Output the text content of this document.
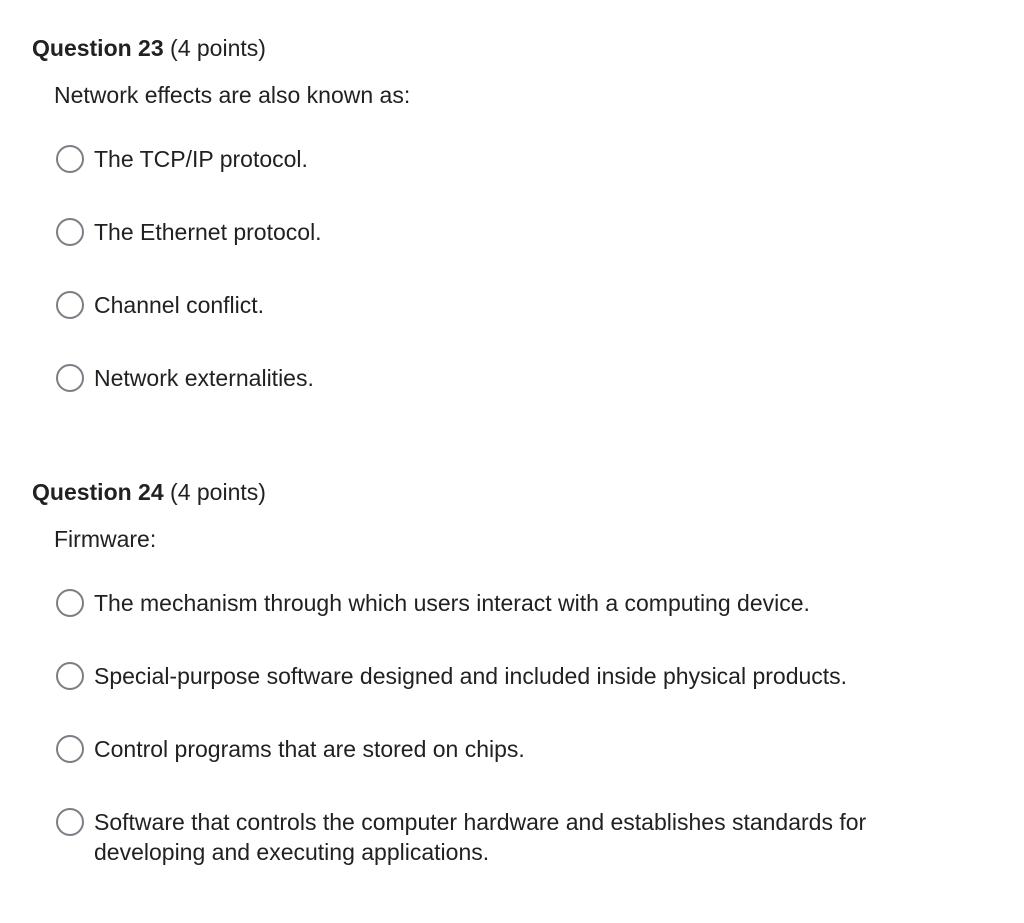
Question 23 (4 points)
Network effects are also known as:
The TCP/IP protocol.
The Ethernet protocol.
Channel conflict.
Network externalities.
Question 24 (4 points)
Firmware:
The mechanism through which users interact with a computing device.
Special-purpose software designed and included inside physical products.
Control programs that are stored on chips.
Software that controls the computer hardware and establishes standards for developing and executing applications.
